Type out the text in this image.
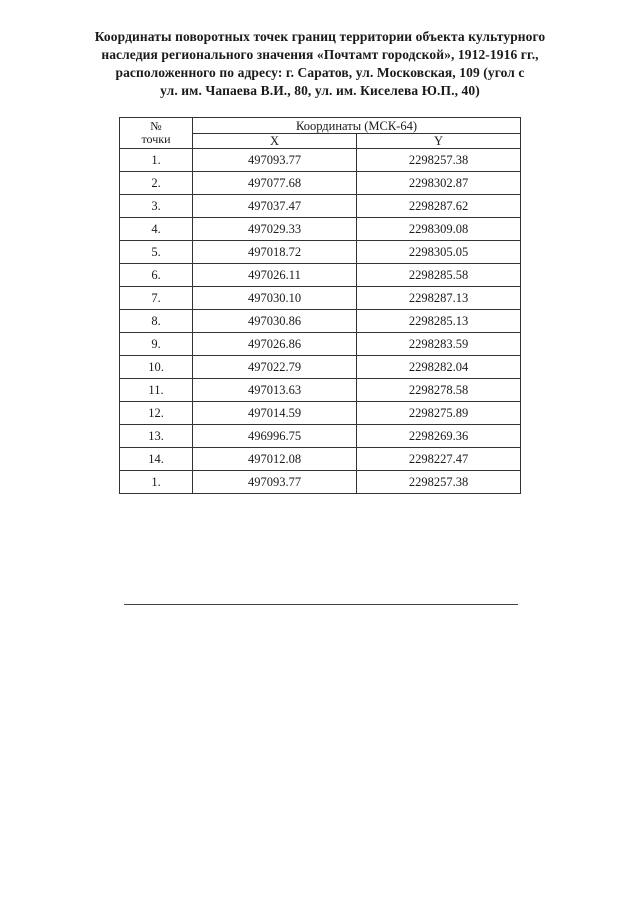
Координаты поворотных точек границ территории объекта культурного
наследия регионального значения «Почтамт городской», 1912-1916 гг.,
расположенного по адресу: г. Саратов, ул. Московская, 109 (угол с
ул. им. Чапаева В.И., 80, ул. им. Киселева Ю.П., 40)
№
точки	Координаты (МСК-64)	
	X	Y
1.	497093.77	2298257.38
2.	497077.68	2298302.87
3.	497037.47	2298287.62
4.	497029.33	2298309.08
5.	497018.72	2298305.05
6.	497026.11	2298285.58
7.	497030.10	2298287.13
8.	497030.86	2298285.13
9.	497026.86	2298283.59
10.	497022.79	2298282.04
11.	497013.63	2298278.58
12.	497014.59	2298275.89
13.	496996.75	2298269.36
14.	497012.08	2298227.47
1.	497093.77	2298257.38
